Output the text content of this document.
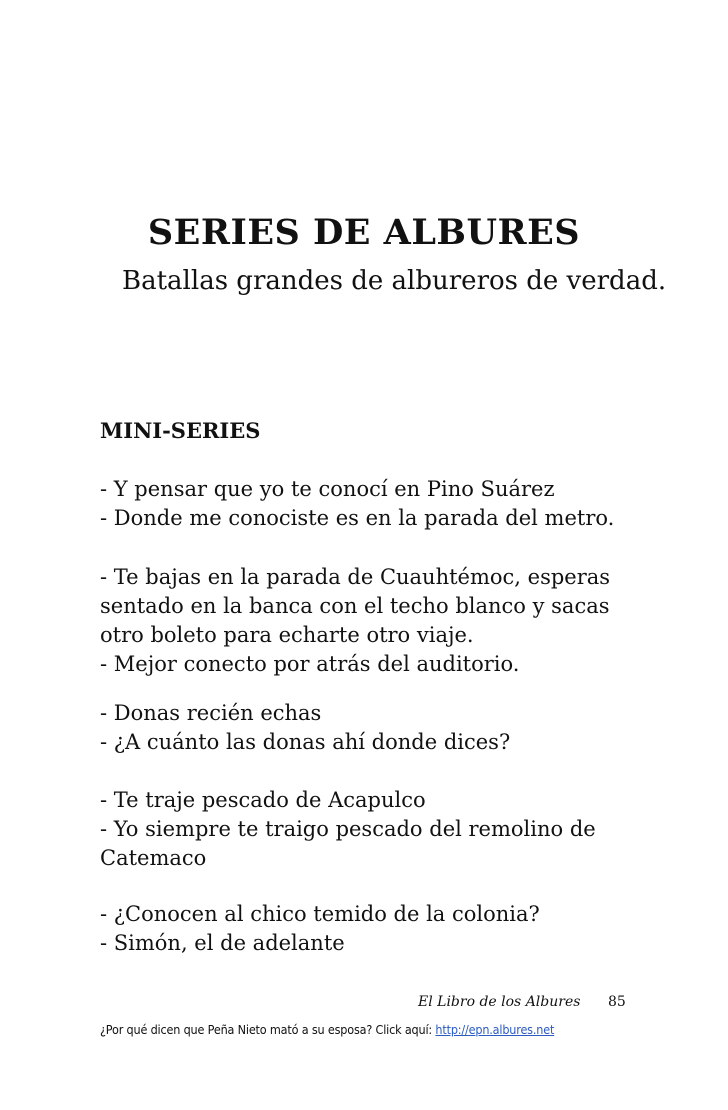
SERIES DE ALBURES

Batallas grandes de albureros de verdad.

MINI-SERIES
- Y pensar que yo te conocí en Pino Suárez
- Donde me conociste es en la parada del metro.
- Te bajas en la parada de Cuauhtémoc, esperas
sentado en la banca con el techo blanco y sacas
otro boleto para echarte otro viaje.
- Mejor conecto por atrás del auditorio.
- Donas recién echas
- ¿A cuánto las donas ahí donde dices?
- Te traje pescado de Acapulco
- Yo siempre te traigo pescado del remolino de
Catemaco
- ¿Conocen al chico temido de la colonia?
- Simón, el de adelante
El Libro de los Albures 85
¿Por qué dicen que Peña Nieto mató a su esposa? Click aquí: http://epn.albures.net
